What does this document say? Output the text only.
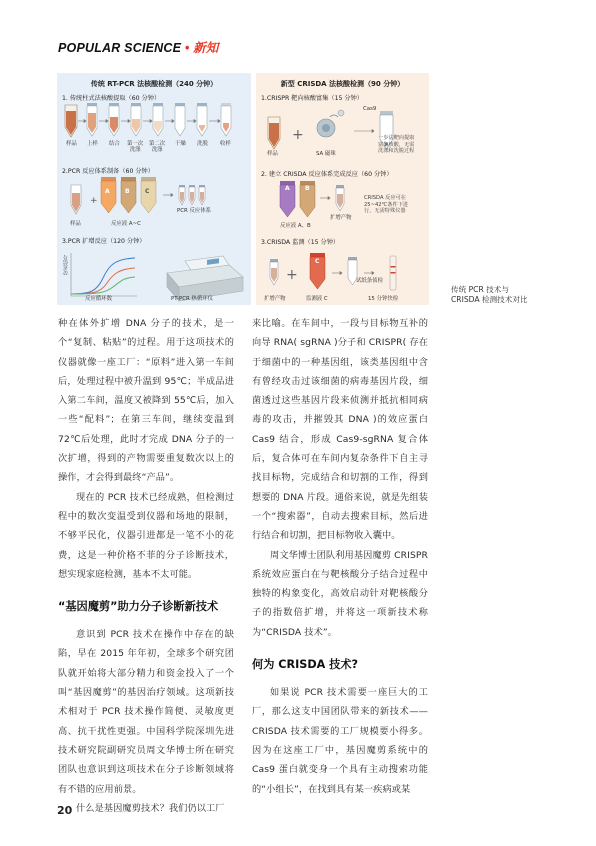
POPULAR SCIENCE • 新知
传统 RT-PCR 法核酸检测（240 分钟）
1. 传统柱式法核酸提取（60 分钟）
+
样品 上样 结合 第一次
洗涤
第二次
洗涤
干燥 洗脱 收样
2.PCR 反应体系制备（60 分钟）
A	B	C
样品	反应液 A~C
PCR 反应体系
3.PCR 扩增反应（120 分钟）
荧光信号
反应循环数	PT-PCR 热循环仪
新型 CRISDA 法核酸检测（90 分钟）
1.CRISPR 靶向核酸富集（15 分钟）
+
+
Cas9
样品	SA 磁珠
一步法靶向提取
富集核酸，无需
洗涤和洗脱过程
2. 建立 CRISDA 反应体系完成反应（60 分钟）
A	B
反应液 A、B
扩增产物
CRISDA 反应可在
25~42℃条件下进
行，无需特殊仪器
3.CRISDA 监测（15 分钟）
C
扩增产物	监测液 C
试纸条侦检
15 分钟快检
传统 PCR 技术与
CRISDA 检测技术对比

种在体外扩增 DNA 分子的技术，是一个“复制、粘贴”的过程。用于这项技术的仪器就像一座工厂：“原料”进入第一车间后，处理过程中被升温到 95℃；半成品进入第二车间，温度又被降到 55℃后，加入一些“配料”；在第三车间，继续变温到 72℃后处理，此时才完成 DNA 分子的一次扩增，得到的产物需要重复数次以上的操作，才会得到最终“产品”。

现在的 PCR 技术已经成熟，但检测过程中的数次变温受到仪器和场地的限制，不够平民化，仪器引进都是一笔不小的花费，这是一种价格不菲的分子诊断技术，想实现家庭检测，基本不太可能。

“基因魔剪”助力分子诊断新技术

意识到 PCR 技术在操作中存在的缺陷，早在 2015 年年初，全球多个研究团队就开始将大部分精力和资金投入了一个叫“基因魔剪”的基因治疗领域。这项新技术相对于 PCR 技术操作简便、灵敏度更高、抗干扰性更强。中国科学院深圳先进技术研究院副研究员周文华博士所在研究团队也意识到这项技术在分子诊断领域将有不错的应用前景。

什么是基因魔剪技术？我们仍以工厂

来比喻。在车间中，一段与目标物互补的向导 RNA( sgRNA )分子和 CRISPR( 存在于细菌中的一种基因组，该类基因组中含有曾经攻击过该细菌的病毒基因片段，细菌透过这些基因片段来侦测并抵抗相同病毒的攻击，并摧毁其 DNA )的效应蛋白 Cas9 结合，形成 Cas9-sgRNA 复合体后，复合体可在车间内复杂条件下自主寻找目标物，完成结合和切割的工作，得到想要的 DNA 片段。通俗来说，就是先组装一个“搜索器”，自动去搜索目标，然后进行结合和切割，把目标物收入囊中。

周文华博士团队利用基因魔剪 CRISPR 系统效应蛋白在与靶核酸分子结合过程中独特的构象变化，高效启动针对靶核酸分子的指数倍扩增，并将这一项新技术称为“CRISDA 技术”。

何为 CRISDA 技术?

如果说 PCR 技术需要一座巨大的工厂，那么这支中国团队带来的新技术——CRISDA 技术需要的工厂规模要小得多。因为在这座工厂中，基因魔剪系统中的 Cas9 蛋白就变身一个具有主动搜索功能的“小组长”，在找到具有某一疾病或某

20
